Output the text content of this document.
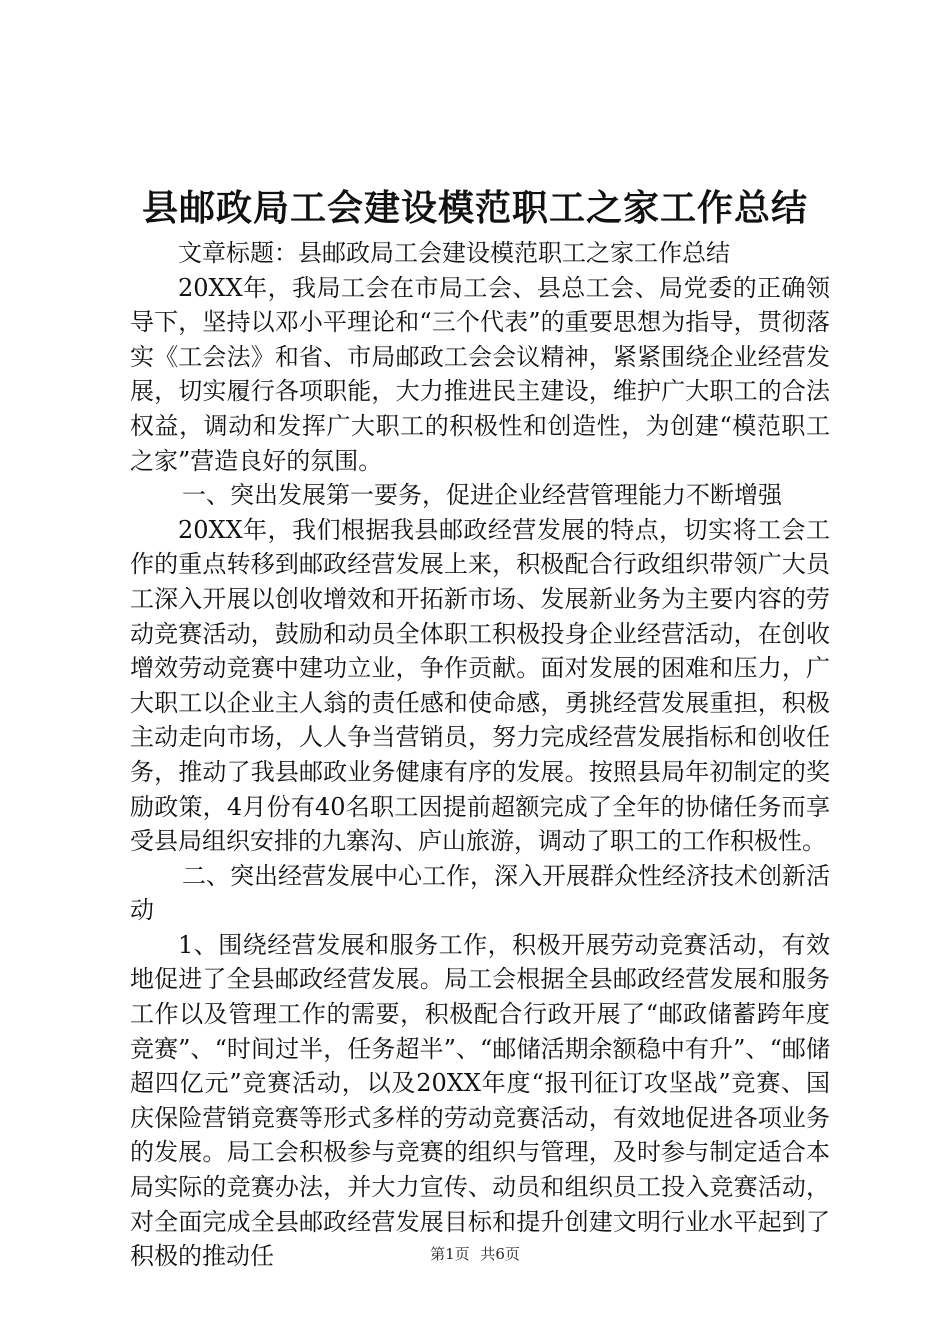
县邮政局工会建设模范职工之家工作总结

文章标题：县邮政局工会建设模范职工之家工作总结

20XX年，我局工会在市局工会、县总工会、局党委的正确领导下，坚持以邓小平理论和“三个代表”的重要思想为指导，贯彻落实《工会法》和省、市局邮政工会会议精神，紧紧围绕企业经营发展，切实履行各项职能，大力推进民主建设，维护广大职工的合法权益，调动和发挥广大职工的积极性和创造性，为创建“模范职工之家”营造良好的氛围。

一、突出发展第一要务，促进企业经营管理能力不断增强

20XX年，我们根据我县邮政经营发展的特点，切实将工会工作的重点转移到邮政经营发展上来，积极配合行政组织带领广大员工深入开展以创收增效和开拓新市场、发展新业务为主要内容的劳动竞赛活动，鼓励和动员全体职工积极投身企业经营活动，在创收增效劳动竞赛中建功立业，争作贡献。面对发展的困难和压力，广大职工以企业主人翁的责任感和使命感，勇挑经营发展重担，积极主动走向市场，人人争当营销员，努力完成经营发展指标和创收任务，推动了我县邮政业务健康有序的发展。按照县局年初制定的奖励政策，4月份有40名职工因提前超额完成了全年的协储任务而享受县局组织安排的九寨沟、庐山旅游，调动了职工的工作积极性。

二、突出经营发展中心工作，深入开展群众性经济技术创新活动

1、围绕经营发展和服务工作，积极开展劳动竞赛活动，有效地促进了全县邮政经营发展。局工会根据全县邮政经营发展和服务工作以及管理工作的需要，积极配合行政开展了“邮政储蓄跨年度竞赛”、“时间过半，任务超半”、“邮储活期余额稳中有升”、“邮储超四亿元”竞赛活动，以及20XX年度“报刊征订攻坚战”竞赛、国庆保险营销竞赛等形式多样的劳动竞赛活动，有效地促进各项业务的发展。局工会积极参与竞赛的组织与管理，及时参与制定适合本局实际的竞赛办法，并大力宣传、动员和组织员工投入竞赛活动，对全面完成全县邮政经营发展目标和提升创建文明行业水平起到了积极的推动任	第1页 共6页
